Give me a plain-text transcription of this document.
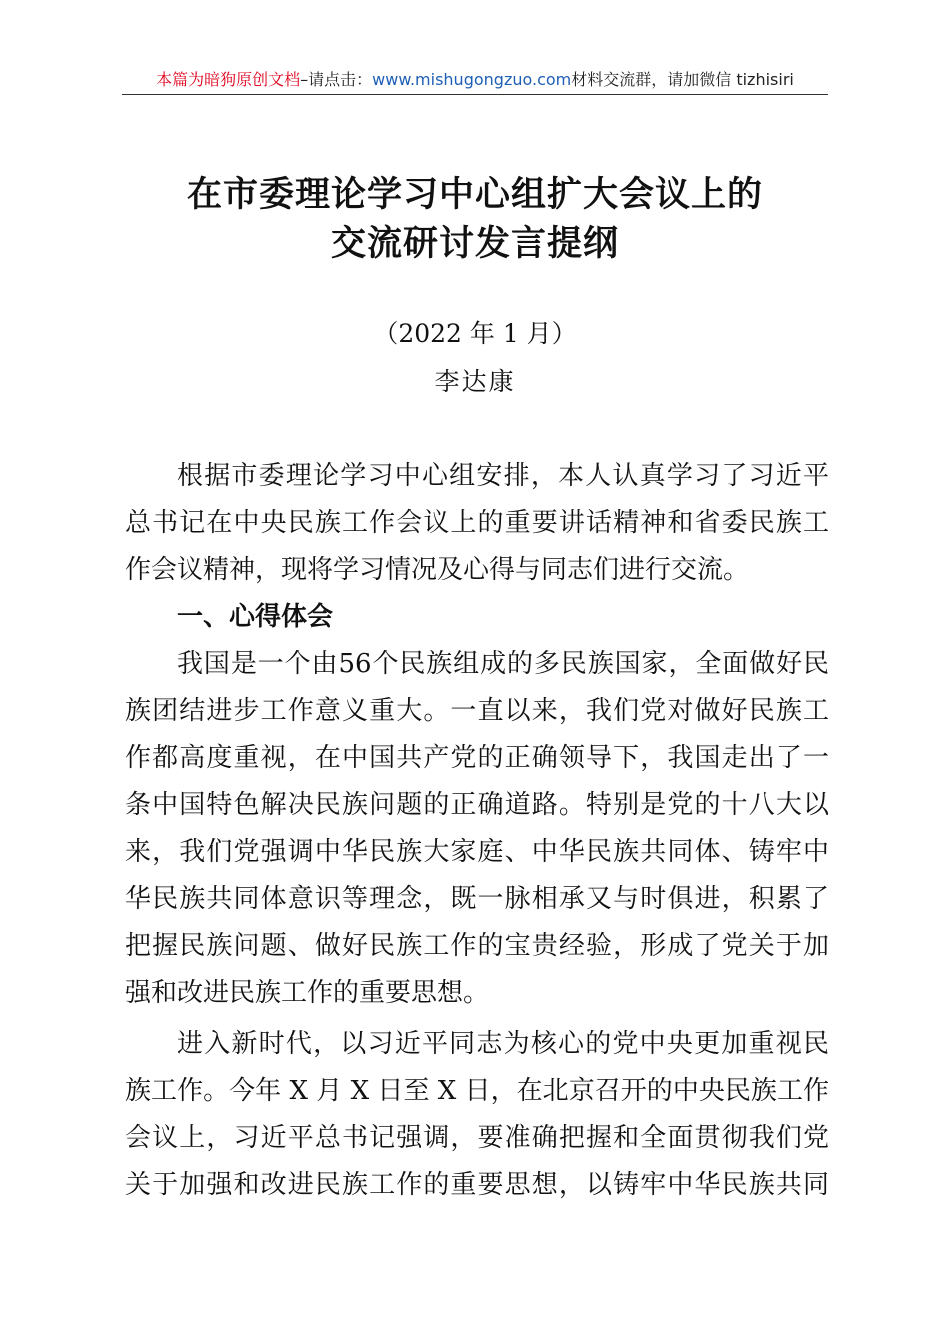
本篇为暗狗原创文档–请点击：www.mishugongzuo.com材料交流群，请加微信 tizhisiri
在市委理论学习中心组扩大会议上的
交流研讨发言提纲
（2022 年 1 月）
李达康
根据市委理论学习中心组安排，本人认真学习了习近平
总书记在中央民族工作会议上的重要讲话精神和省委民族工
作会议精神，现将学习情况及心得与同志们进行交流。
一、心得体会
我国是一个由56个民族组成的多民族国家，全面做好民
族团结进步工作意义重大。一直以来，我们党对做好民族工
作都高度重视，在中国共产党的正确领导下，我国走出了一
条中国特色解决民族问题的正确道路。特别是党的十八大以
来，我们党强调中华民族大家庭、中华民族共同体、铸牢中
华民族共同体意识等理念，既一脉相承又与时俱进，积累了
把握民族问题、做好民族工作的宝贵经验，形成了党关于加
强和改进民族工作的重要思想。
进入新时代，以习近平同志为核心的党中央更加重视民
族工作。今年 X 月 X 日至 X 日，在北京召开的中央民族工作
会议上，习近平总书记强调，要准确把握和全面贯彻我们党
关于加强和改进民族工作的重要思想，以铸牢中华民族共同
